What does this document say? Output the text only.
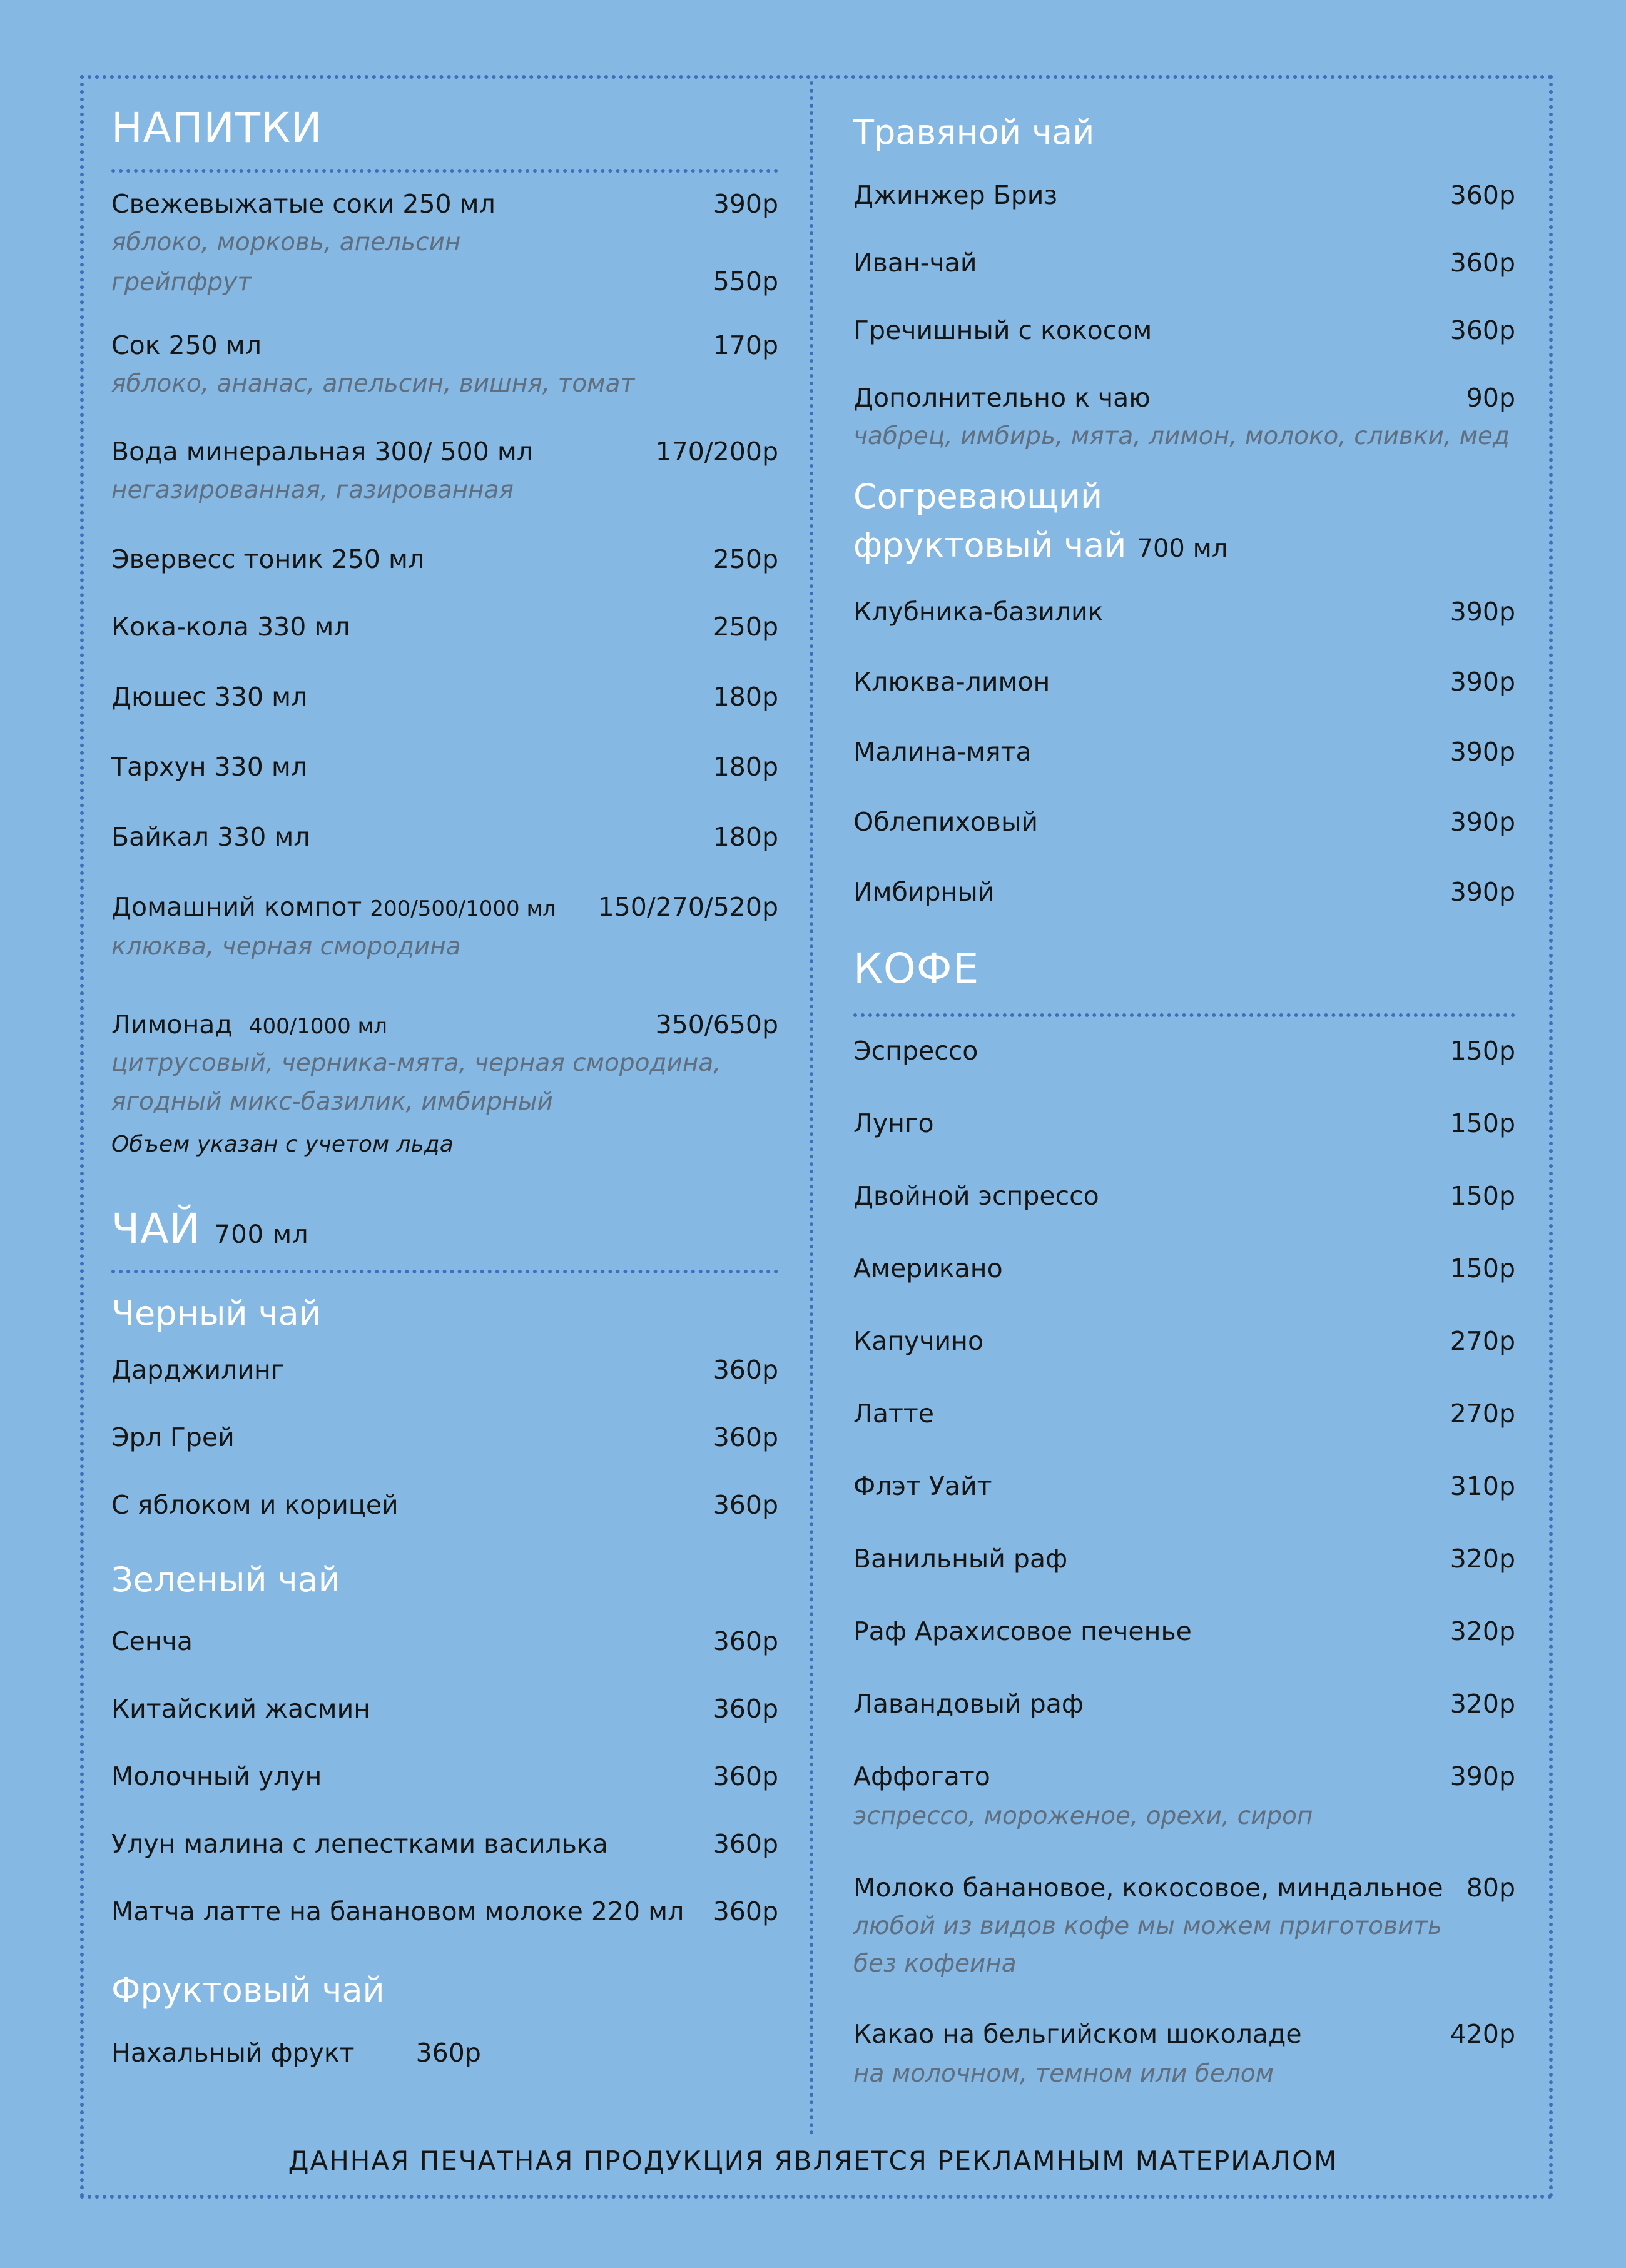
НАПИТКИ
Свежевыжатые соки 250 мл	390р
яблоко, морковь, апельсин
грейпфрут	550р
Сок 250 мл	170р
яблоко, ананас, апельсин, вишня, томат
Вода минеральная 300/ 500 мл	170/200р
негазированная, газированная
Эвервесс тоник 250 мл	250р
Кока-кола 330 мл	250р
Дюшес 330 мл	180р
Тархун 330 мл	180р
Байкал 330 мл	180р
Домашний компот 200/500/1000 мл 150/270/520р
клюква, черная смородина
Лимонад 400/1000 мл	350/650р
цитрусовый, черника-мята, черная смородина,
ягодный микс-базилик, имбирный
Объем указан с учетом льда
ЧАЙ 700 мл
Черный чай
Дарджилинг	360р
Эрл Грей	360р
С яблоком и корицей	360р
Зеленый чай
Сенча	360р
Китайский жасмин	360р
Молочный улун	360р
Улун малина с лепестками василька	360р
Матча латте на банановом молоке 220 мл 360р
Фруктовый чай
Нахальный фрукт 360р
Травяной чай
Джинжер Бриз	360р
Иван-чай	360р
Гречишный с кокосом	360р
Дополнительно к чаю	90р
чабрец, имбирь, мята, лимон, молоко, сливки, мед
Согревающий
фруктовый чай 700 мл
Клубника-базилик	390р
Клюква-лимон	390р
Малина-мята	390р
Облепиховый	390р
Имбирный	390р
КОФЕ
Эспрессо	150р
Лунго	150р
Двойной эспрессо	150р
Американо	150р
Капучино	270р
Латте	270р
Флэт Уайт	310р
Ванильный раф	320р
Раф Арахисовое печенье	320р
Лавандовый раф	320р
Аффогато	390р
эспрессо, мороженое, орехи, сироп
Молоко банановое, кокосовое, миндальное 80р
любой из видов кофе мы можем приготовить
без кофеина
Какао на бельгийском шоколаде	420р
на молочном, темном или белом
ДАННАЯ ПЕЧАТНАЯ ПРОДУКЦИЯ ЯВЛЯЕТСЯ РЕКЛАМНЫМ МАТЕРИАЛОМ
